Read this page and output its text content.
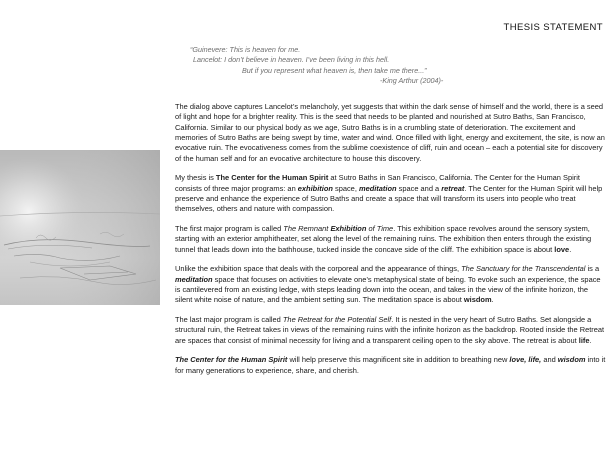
THESIS STATEMENT
“Guinevere: This is heaven for me.
Lancelot: I don’t believe in heaven. I’ve been living in this hell.
But if you represent what heaven is, then take me there...”
-King Arthur (2004)-

The dialog above captures Lancelot’s melancholy, yet suggests that within the dark sense of himself and the world, there is a seed of light and hope for a brighter reality. This is the seed that needs to be planted and nourished at Sutro Baths, San Francisco, California. Similar to our physical body as we age, Sutro Baths is in a crumbling state of deterioration. The excitement and memories of Sutro Baths are being swept by time, water and wind. Once filled with light, energy and excitement, the site, is now an evocative ruin. The evocativeness comes from the sublime coexistence of cliff, ruin and ocean – each a potential site for discovery of the human self and for an evocative architecture to house this discovery.

My thesis is The Center for the Human Spirit at Sutro Baths in San Francisco, California. The Center for the Human Spirit consists of three major programs: an exhibition space, meditation space and a retreat. The Center for the Human Spirit will help preserve and enhance the experience of Sutro Baths and create a space that will transform its users into people who treat themselves, others and nature with compassion.

The first major program is called The Remnant Exhibition of Time. This exhibition space revolves around the sensory system, starting with an exterior amphitheater, set along the level of the remaining ruins. The exhibition then enters through the existing tunnel that leads down into the bathhouse, tucked inside the concave side of the cliff. The exhibition space is about love.

Unlike the exhibition space that deals with the corporeal and the appearance of things, The Sanctuary for the Transcendental is a meditation space that focuses on activities to elevate one’s metaphysical state of being. To evoke such an experience, the space is cantilevered from an existing ledge, with steps leading down into the ocean, and takes in the view of the infinite horizon, the silent white noise of nature, and the ambient setting sun. The meditation space is about wisdom.

The last major program is called The Retreat for the Potential Self. It is nested in the very heart of Sutro Baths. Set alongside a structural ruin, the Retreat takes in views of the remaining ruins with the infinite horizon as the backdrop. Rooted inside the Retreat are spaces that consist of minimal necessity for living and a transparent ceiling open to the sky above. The retreat is about life.

The Center for the Human Spirit will help preserve this magnificent site in addition to breathing new love, life, and wisdom into it for many generations to experience, share, and cherish.
